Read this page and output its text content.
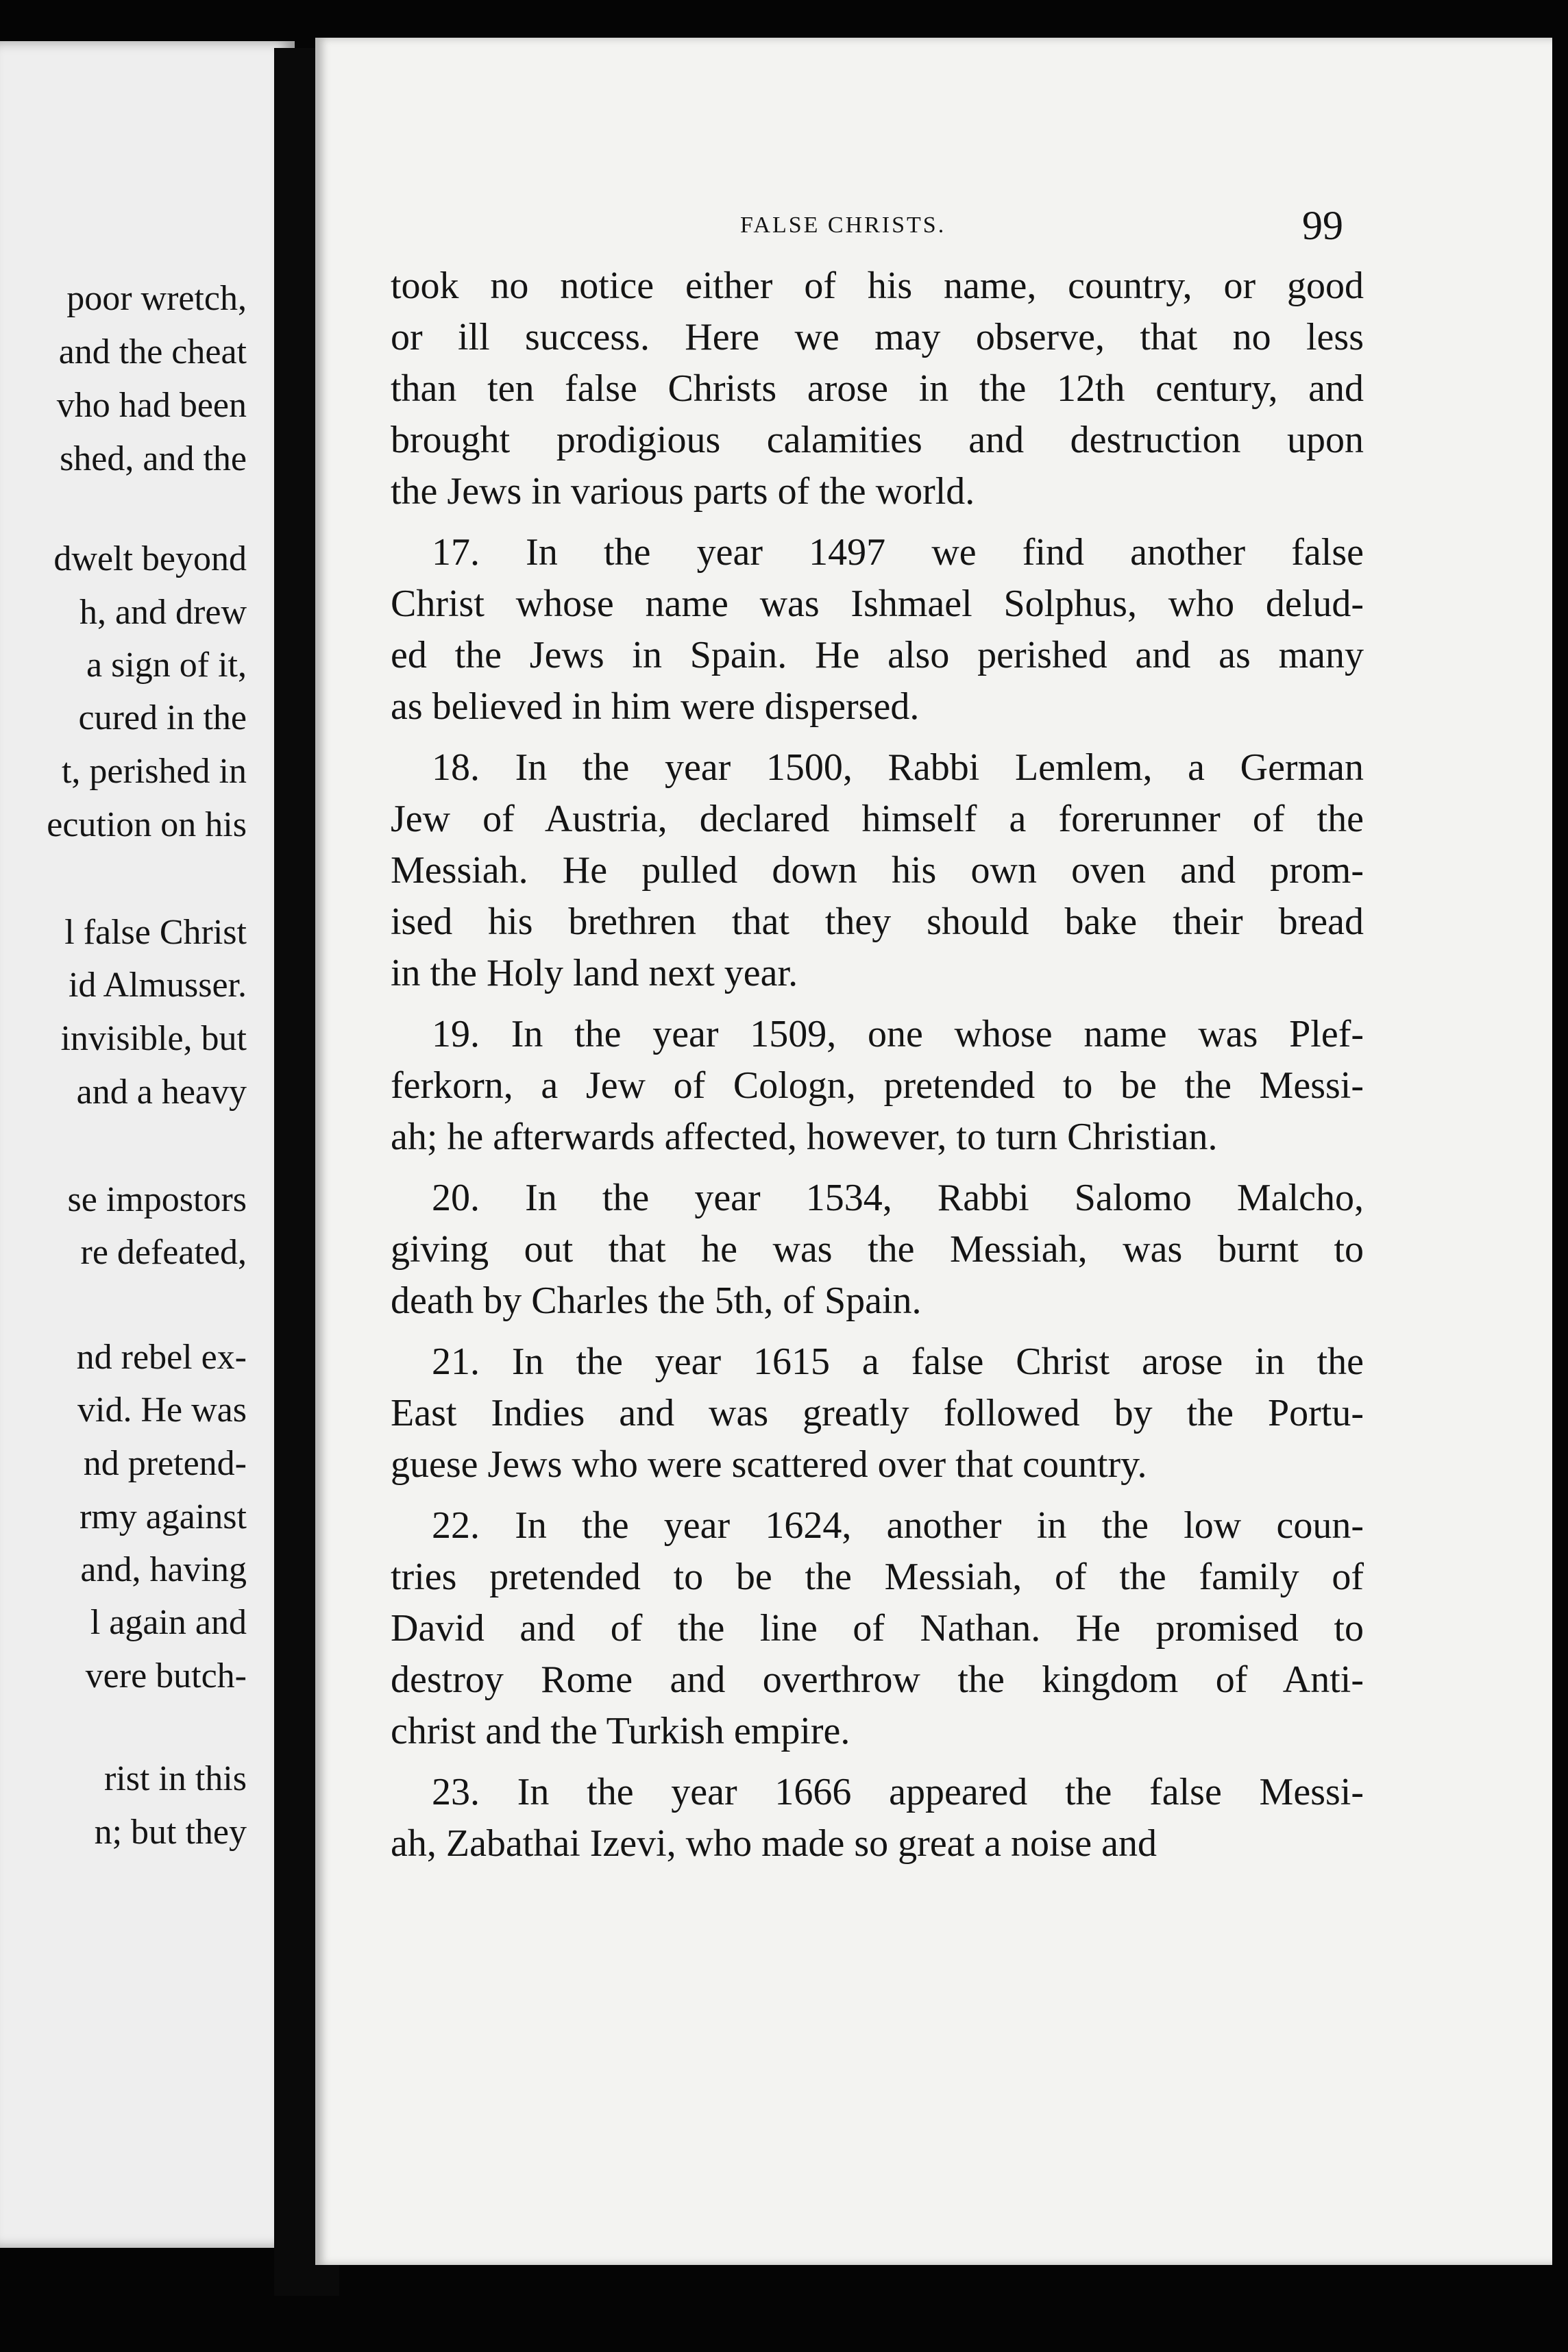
poor wretch,
and the cheat
vho had been
shed, and the
dwelt beyond
h, and drew
a sign of it,
cured in the
t, perished in
ecution on his
l false Christ
id Almusser.
invisible, but
and a heavy
se impostors
re defeated,
nd rebel ex-
vid. He was
nd pretend-
rmy against
and, having
l again and
vere butch-
rist in this
n; but they
FALSE CHRISTS.	99
took no notice either of his name, country, or good
or ill success. Here we may observe, that no less
than ten false Christs arose in the 12th century, and
brought prodigious calamities and destruction upon
the Jews in various parts of the world.
17. In the year 1497 we find another false
Christ whose name was Ishmael Solphus, who delud-
ed the Jews in Spain. He also perished and as many
as believed in him were dispersed.
18. In the year 1500, Rabbi Lemlem, a German
Jew of Austria, declared himself a forerunner of the
Messiah. He pulled down his own oven and prom-
ised his brethren that they should bake their bread
in the Holy land next year.
19. In the year 1509, one whose name was Plef-
ferkorn, a Jew of Cologn, pretended to be the Messi-
ah; he afterwards affected, however, to turn Christian.
20. In the year 1534, Rabbi Salomo Malcho,
giving out that he was the Messiah, was burnt to
death by Charles the 5th, of Spain.
21. In the year 1615 a false Christ arose in the
East Indies and was greatly followed by the Portu-
guese Jews who were scattered over that country.
22. In the year 1624, another in the low coun-
tries pretended to be the Messiah, of the family of
David and of the line of Nathan. He promised to
destroy Rome and overthrow the kingdom of Anti-
christ and the Turkish empire.
23. In the year 1666 appeared the false Messi-
ah, Zabathai Izevi, who made so great a noise and
